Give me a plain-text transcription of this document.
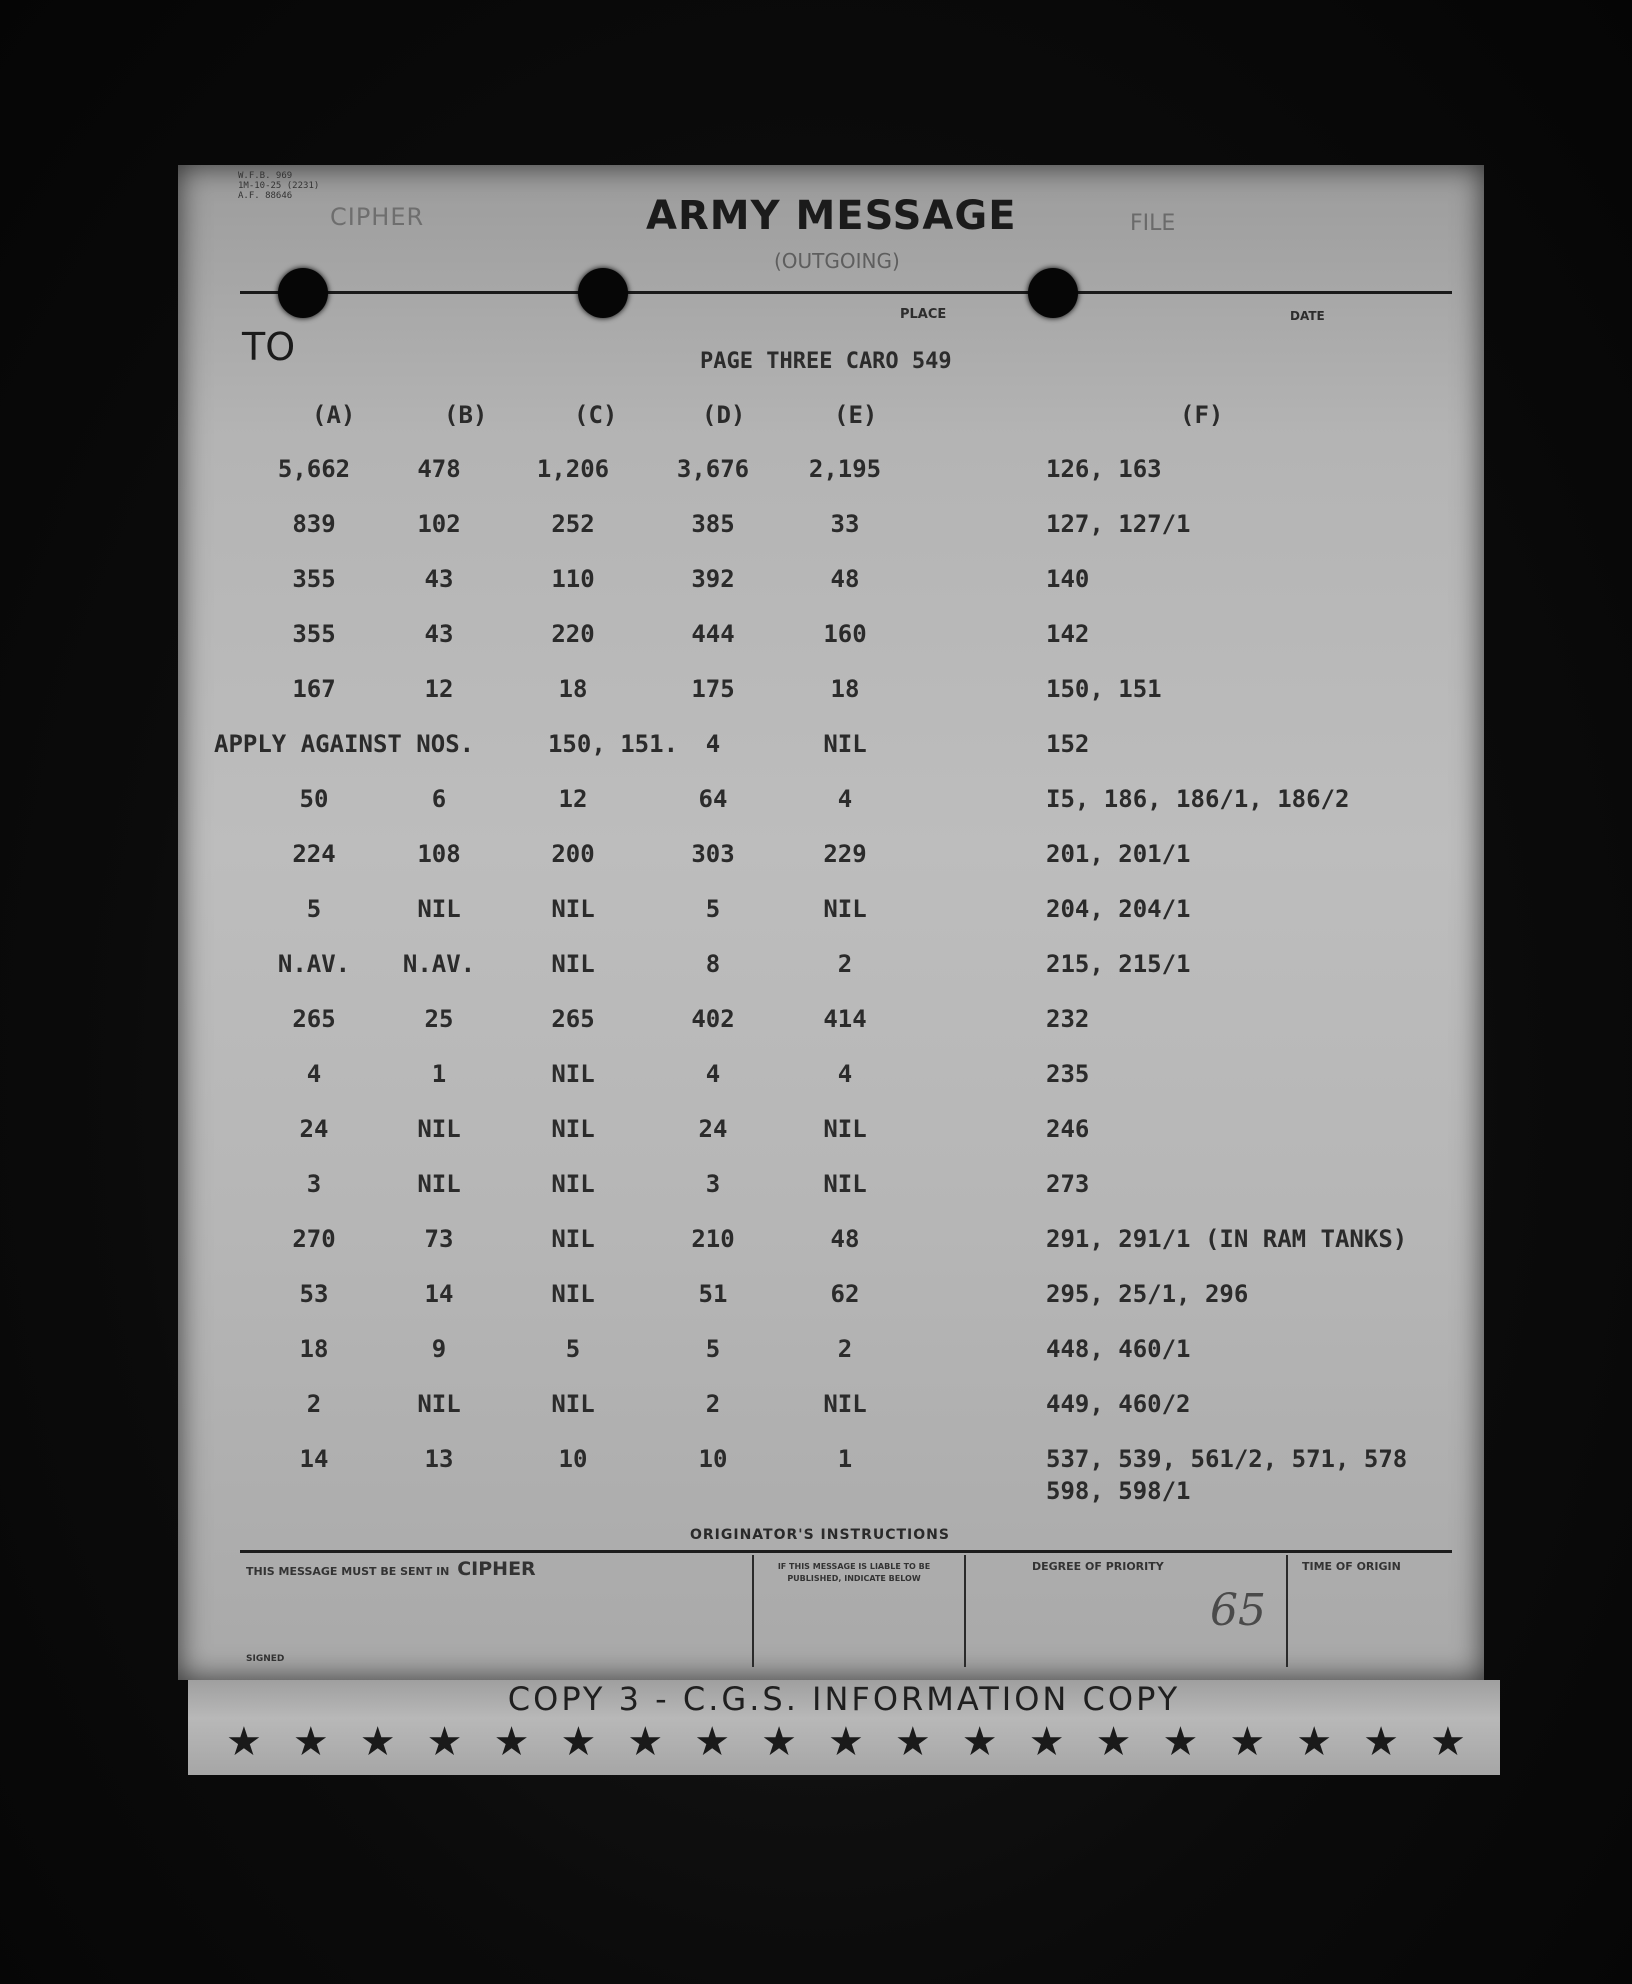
W.F.B. 969
1M-10-25 (2231)
A.F. 88646
CIPHER	ARMY MESSAGE
(OUTGOING)
FILE
PLACE	DATE
TO	PAGE THREE CARO 549
(A)	(B)	(C)	(D)	(E)	(F)
5,662	478	1,206	3,676	2,195	126, 163
839	102	252	385	33	127, 127/1
355	43	110	392	48	140
355	43	220	444	160	142
167	12	18	175	18	150, 151
APPLY AGAINST NOS.	150, 151.	4	NIL	152
50	6	12	64	4	I5, 186, 186/1, 186/2
224	108	200	303	229	201, 201/1
5	NIL	NIL	5	NIL	204, 204/1
N.AV.	N.AV.	NIL	8	2	215, 215/1
265	25	265	402	414	232
4	1	NIL	4	4	235
24	NIL	NIL	24	NIL	246
3	NIL	NIL	3	NIL	273
270	73	NIL	210	48	291, 291/1 (IN RAM TANKS)
53	14	NIL	51	62	295, 25/1, 296
18	9	5	5	2	448, 460/1
2	NIL	NIL	2	NIL	449, 460/2
14	13	10	10	1	537, 539, 561/2, 571, 578
598, 598/1
ORIGINATOR'S INSTRUCTIONS
THIS MESSAGE MUST BE SENT IN CIPHER
SIGNED
IF THIS MESSAGE IS LIABLE TO BE PUBLISHED, INDICATE BELOW
DEGREE OF PRIORITY
65
TIME OF ORIGIN
COPY 3 - C.G.S. INFORMATION COPY
★ ★ ★ ★ ★ ★ ★ ★ ★ ★ ★ ★ ★ ★ ★ ★ ★ ★ ★
